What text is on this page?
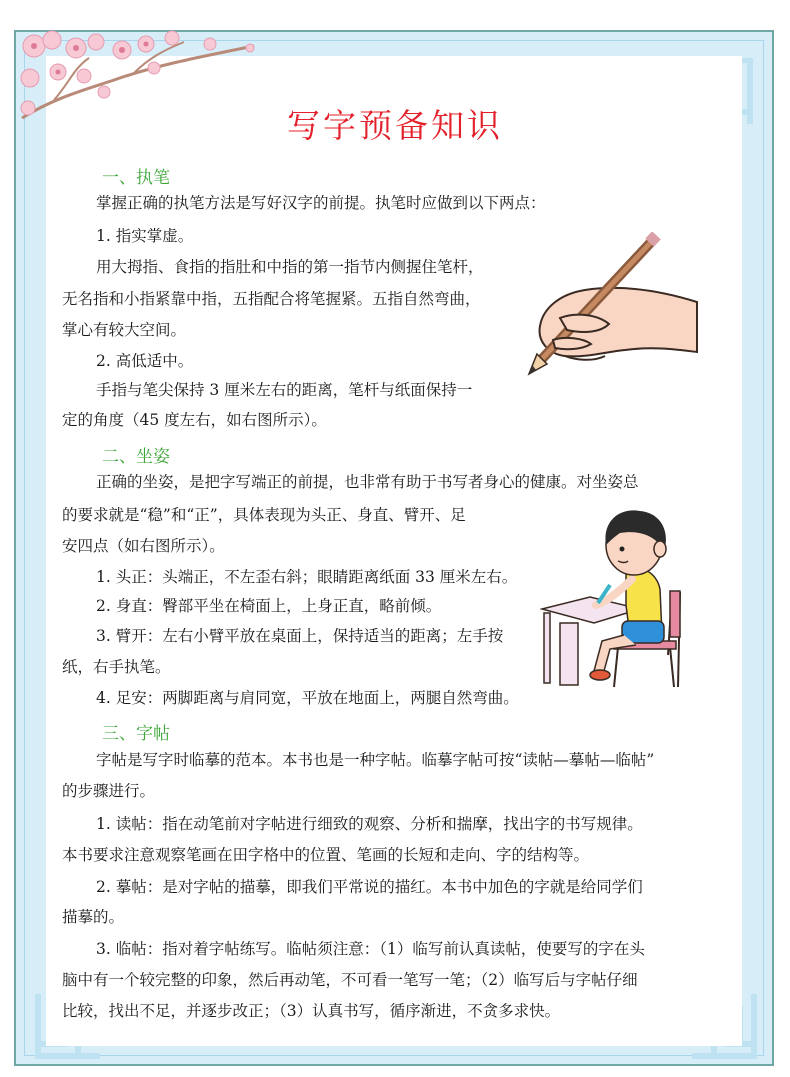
写字预备知识
一、执笔
掌握正确的执笔方法是写好汉字的前提。执笔时应做到以下两点：
1. 指实掌虚。
用大拇指、食指的指肚和中指的第一指节内侧握住笔杆，
无名指和小指紧靠中指，五指配合将笔握紧。五指自然弯曲，
掌心有较大空间。
2. 高低适中。
手指与笔尖保持 3 厘米左右的距离，笔杆与纸面保持一
定的角度（45 度左右，如右图所示）。
二、坐姿
正确的坐姿，是把字写端正的前提，也非常有助于书写者身心的健康。对坐姿总
的要求就是“稳”和“正”，具体表现为头正、身直、臂开、足
安四点（如右图所示）。
1. 头正：头端正，不左歪右斜；眼睛距离纸面 33 厘米左右。
2. 身直：臀部平坐在椅面上，上身正直，略前倾。
3. 臂开：左右小臂平放在桌面上，保持适当的距离；左手按
纸，右手执笔。
4. 足安：两脚距离与肩同宽，平放在地面上，两腿自然弯曲。
三、字帖
字帖是写字时临摹的范本。本书也是一种字帖。临摹字帖可按“读帖—摹帖—临帖”
的步骤进行。
1. 读帖：指在动笔前对字帖进行细致的观察、分析和揣摩，找出字的书写规律。
本书要求注意观察笔画在田字格中的位置、笔画的长短和走向、字的结构等。
2. 摹帖：是对字帖的描摹，即我们平常说的描红。本书中加色的字就是给同学们
描摹的。
3. 临帖：指对着字帖练写。临帖须注意：（1）临写前认真读帖，使要写的字在头
脑中有一个较完整的印象，然后再动笔，不可看一笔写一笔；（2）临写后与字帖仔细
比较，找出不足，并逐步改正；（3）认真书写，循序渐进，不贪多求快。
